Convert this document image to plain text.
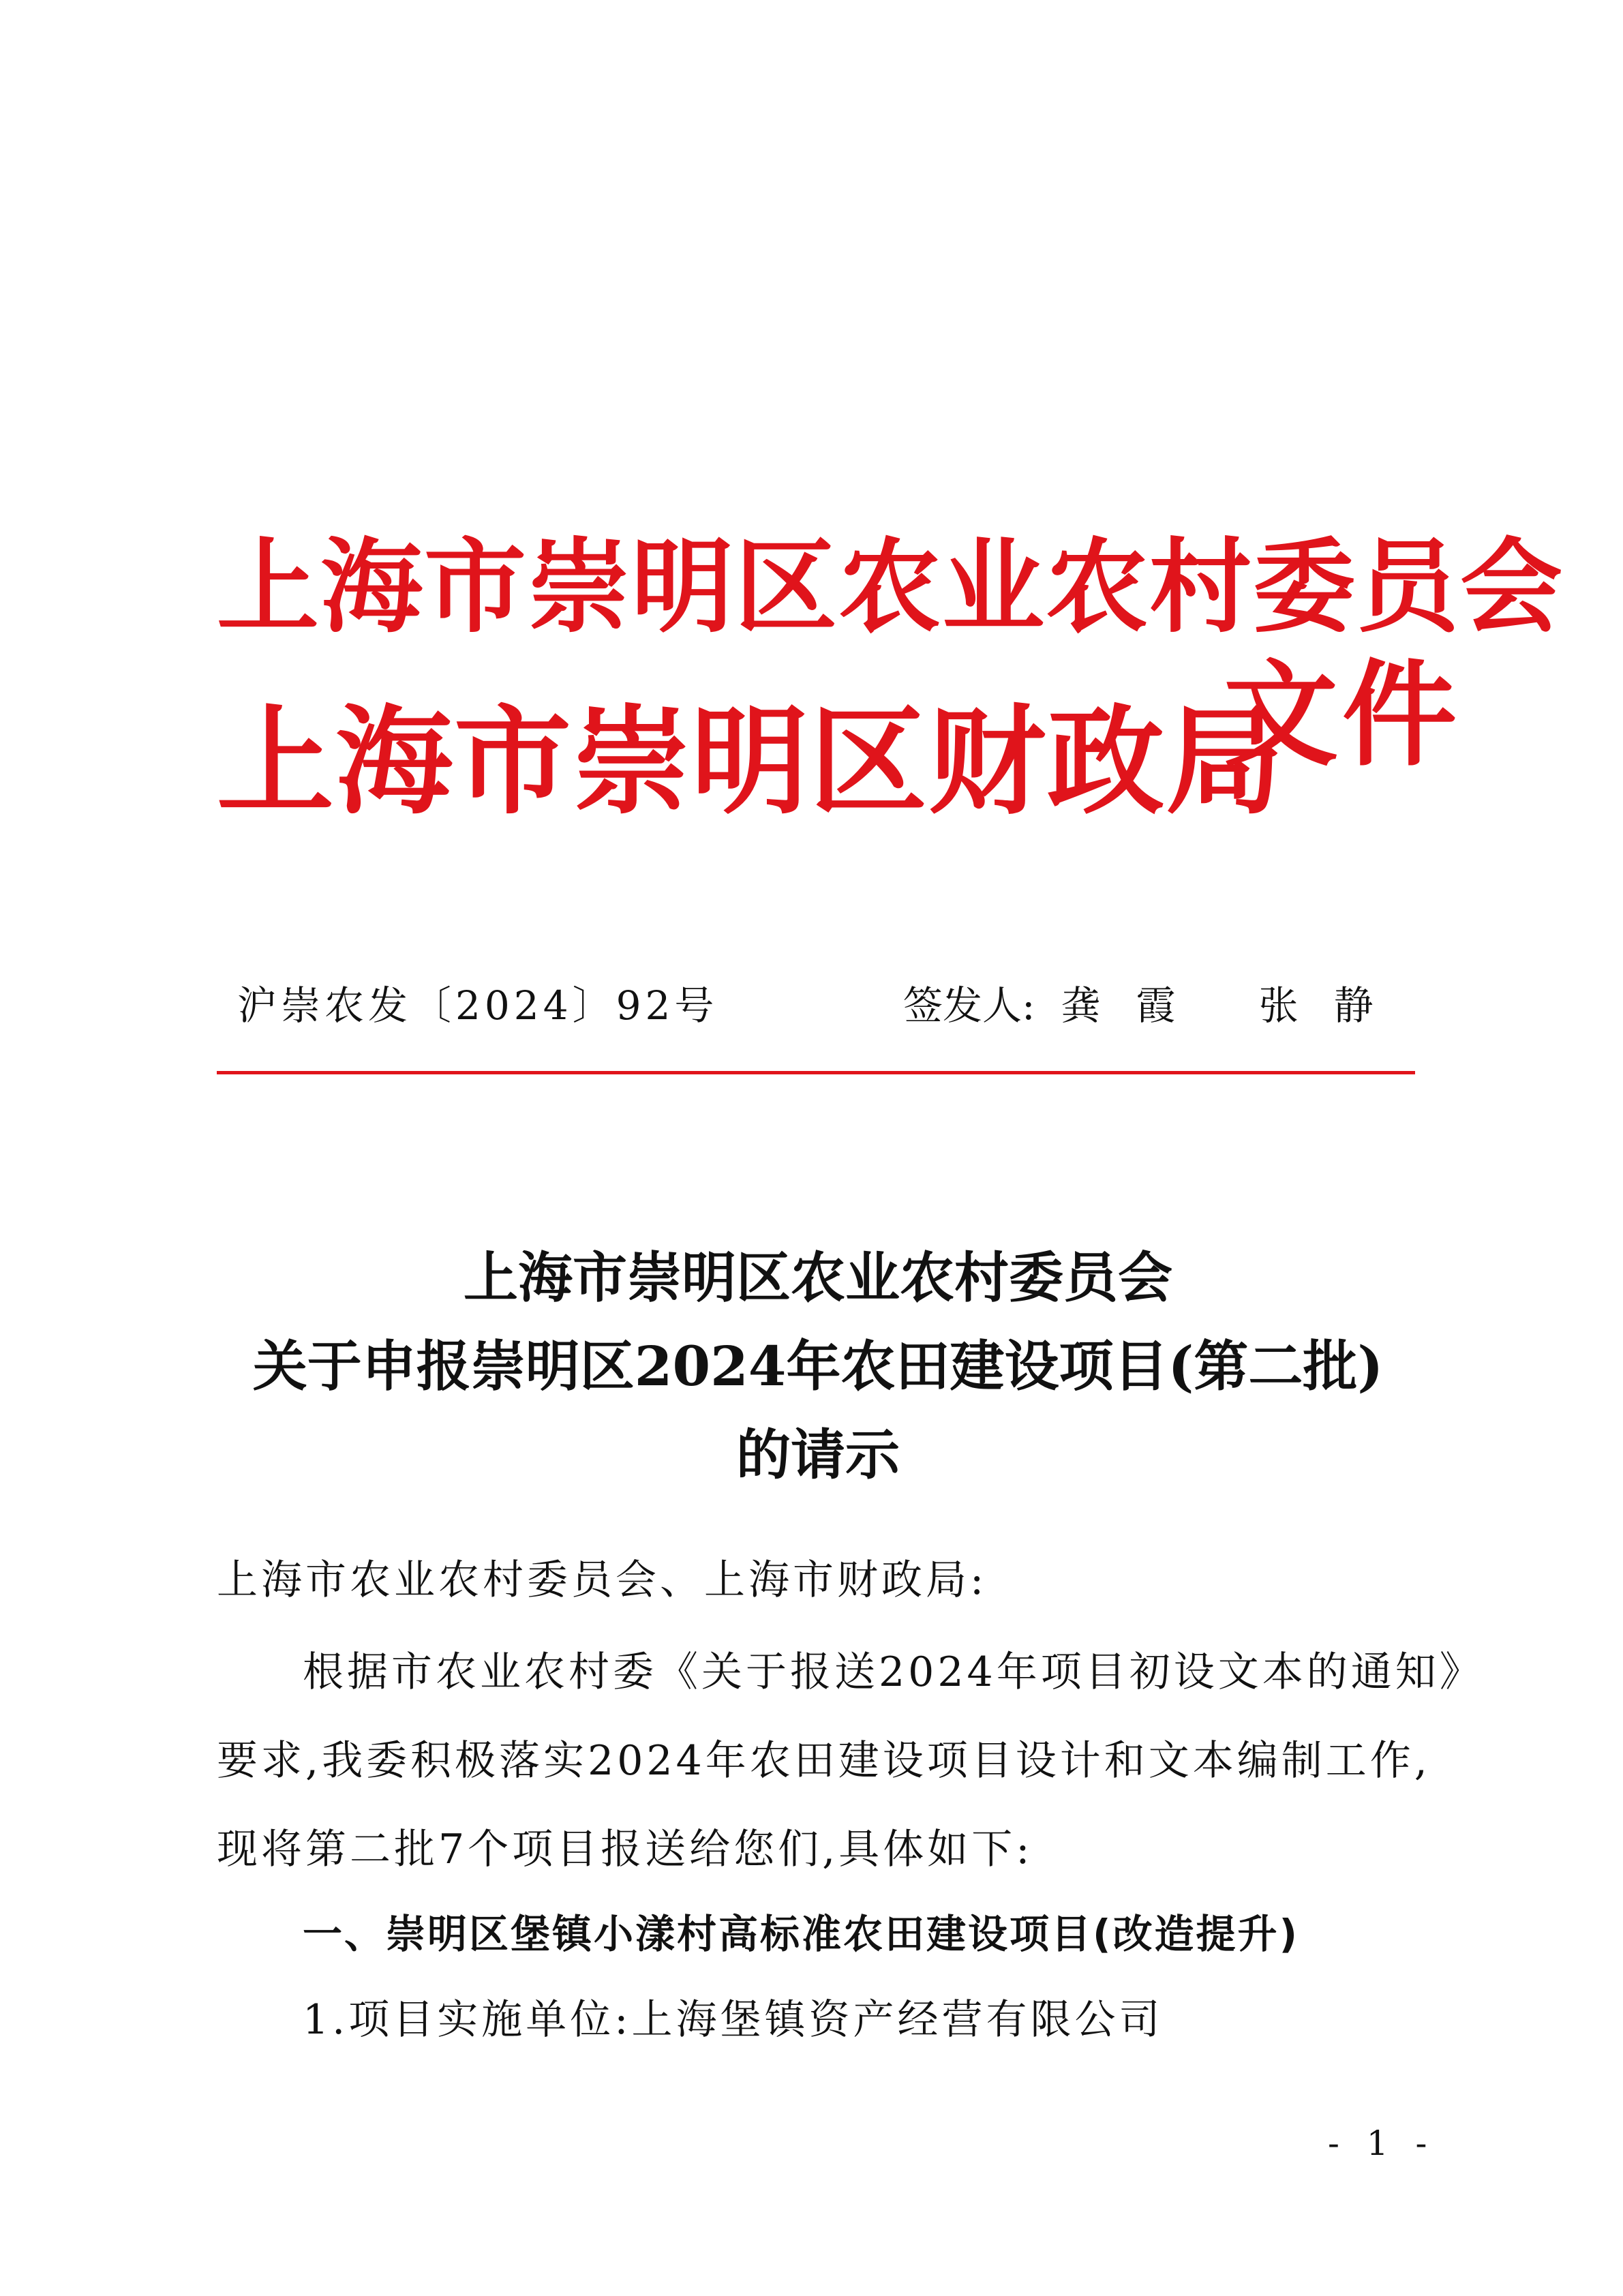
上海市崇明区农业农村委员会
上海市崇明区财政局
文件
沪崇农发〔2024〕92号	签发人: 龚霞 张静
上海市崇明区农业农村委员会
关于申报崇明区2024年农田建设项目(第二批)
的请示
上海市农业农村委员会、上海市财政局:
根据市农业农村委《关于报送2024年项目初设文本的通知》
要求,我委积极落实2024年农田建设项目设计和文本编制工作,
现将第二批7个项目报送给您们,具体如下:
一、崇明区堡镇小漾村高标准农田建设项目(改造提升)
1.项目实施单位:上海堡镇资产经营有限公司
- 1 -
